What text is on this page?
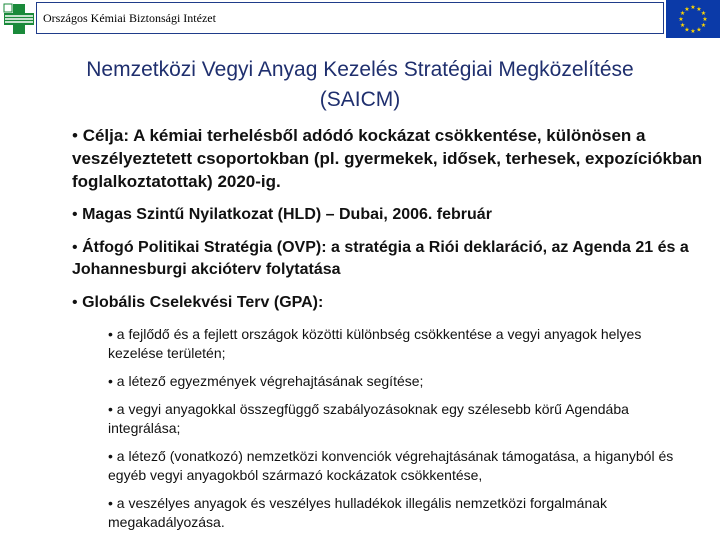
Országos Kémiai Biztonsági Intézet
★ ★
★
★
★
★
★
★
★
★
★
★
Nemzetközi Vegyi Anyag Kezelés Stratégiai Megközelítése
(SAICM)
• Célja: A kémiai terhelésből adódó kockázat csökkentése, különösen a veszélyeztetett csoportokban (pl. gyermekek, idősek, terhesek, expozíciókban foglalkoztatottak) 2020-ig.
• Magas Szintű Nyilatkozat (HLD) – Dubai, 2006. február
• Átfogó Politikai Stratégia (OVP): a stratégia a Riói deklaráció, az Agenda 21 és a Johannesburgi akcióterv folytatása
• Globális Cselekvési Terv (GPA):
• a fejlődő és a fejlett országok közötti különbség csökkentése a vegyi anyagok helyes kezelése területén;
• a létező egyezmények végrehajtásának segítése;
• a vegyi anyagokkal összegfüggő szabályozásoknak egy szélesebb körű Agendába integrálása;
• a létező (vonatkozó) nemzetközi konvenciók végrehajtásának támogatása, a higanyból és egyéb vegyi anyagokból származó kockázatok csökkentése,
• a veszélyes anyagok és veszélyes hulladékok illegális nemzetközi forgalmának megakadályozása.
